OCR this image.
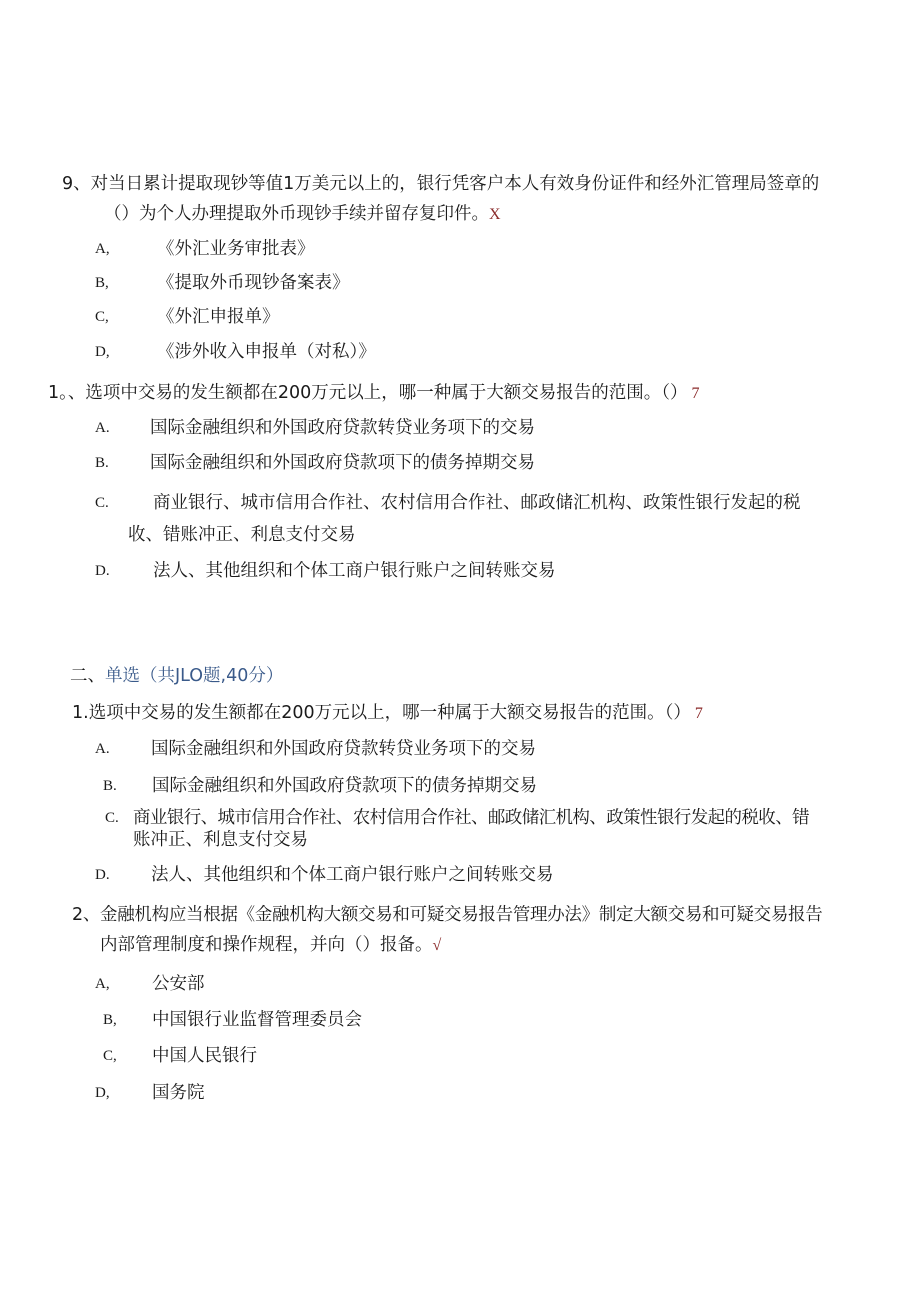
9、对当日累计提取现钞等值1万美元以上的，银行凭客户本人有效身份证件和经外汇管理局签章的
（）为个人办理提取外币现钞手续并留存复印件。X
A,	《外汇业务审批表》
B,	《提取外币现钞备案表》
C,	《外汇申报单》
D,	《涉外收入申报单（对私）》
1。、选项中交易的发生额都在200万元以上，哪一种属于大额交易报告的范围。（） 7
A. 国际金融组织和外国政府贷款转贷业务项下的交易
B. 国际金融组织和外国政府贷款项下的债务掉期交易
C.	商业银行、城市信用合作社、农村信用合作社、邮政储汇机构、政策性银行发起的税
收、错账冲正、利息支付交易
D. 法人、其他组织和个体工商户银行账户之间转账交易
二、单选（共JLO题,40分）
1.选项中交易的发生额都在200万元以上，哪一种属于大额交易报告的范围。（） 7
A. 国际金融组织和外国政府贷款转贷业务项下的交易
B. 国际金融组织和外国政府贷款项下的债务掉期交易
C. 商业银行、城市信用合作社、农村信用合作社、邮政储汇机构、政策性银行发起的税收、错
账冲正、利息支付交易
D. 法人、其他组织和个体工商户银行账户之间转账交易
2、金融机构应当根据《金融机构大额交易和可疑交易报告管理办法》制定大额交易和可疑交易报告
内部管理制度和操作规程，并向（）报备。√
A, 公安部
B, 中国银行业监督管理委员会
C, 中国人民银行
D, 国务院
